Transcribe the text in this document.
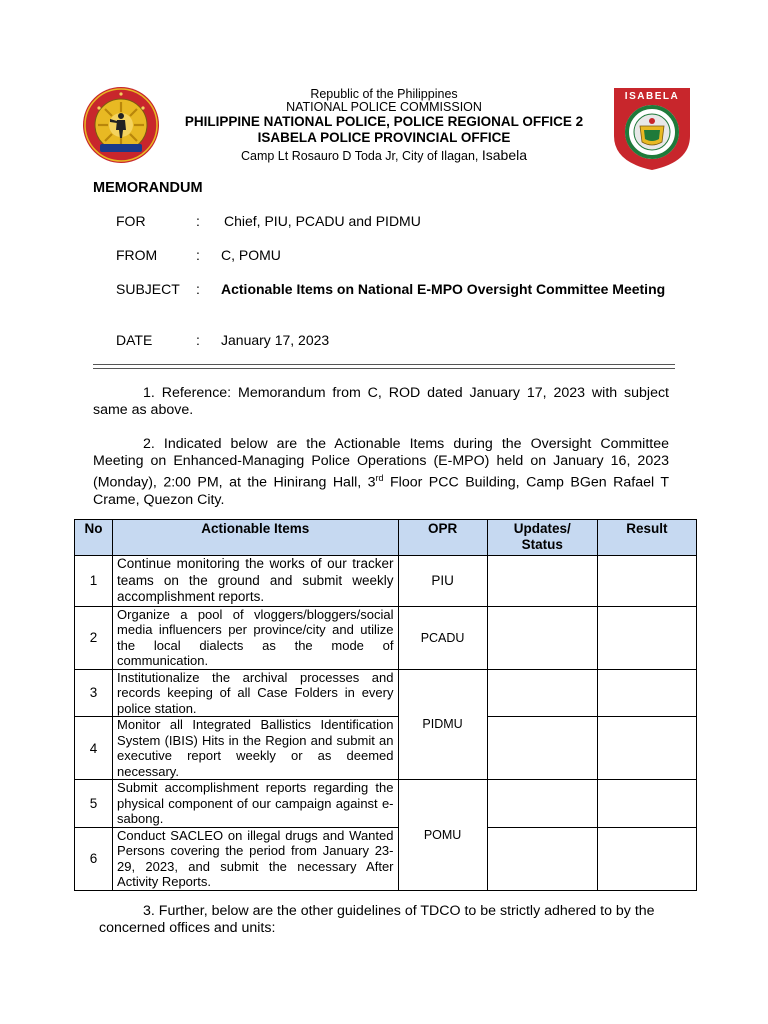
ISABELA
Republic of the Philippines
NATIONAL POLICE COMMISSION
PHILIPPINE NATIONAL POLICE, POLICE REGIONAL OFFICE 2
ISABELA POLICE PROVINCIAL OFFICE
Camp Lt Rosauro D Toda Jr, City of Ilagan, Isabela
MEMORANDUM
FOR	: Chief, PIU, PCADU and PIDMU
FROM	: C, POMU
SUBJECT : Actionable Items on National E-MPO Oversight Committee Meeting
DATE	: January 17, 2023
1. Reference: Memorandum from C, ROD dated January 17, 2023 with subject same as above.
2. Indicated below are the Actionable Items during the Oversight Committee Meeting on Enhanced-Managing Police Operations (E-MPO) held on January 16, 2023 (Monday), 2:00 PM, at the Hinirang Hall, 3rd Floor PCC Building, Camp BGen Rafael T Crame, Quezon City.
No	Actionable Items	OPR	Updates/ Status	Result
1	Continue monitoring the works of our tracker teams on the ground and submit weekly accomplishment reports.	PIU		
2	Organize a pool of vloggers/bloggers/social media influencers per province/city and utilize the local dialects as the mode of communication.	PCADU		
3	Institutionalize the archival processes and records keeping of all Case Folders in every police station.	PIDMU		
4	Monitor all Integrated Ballistics Identification System (IBIS) Hits in the Region and submit an executive report weekly or as deemed necessary.			
5	Submit accomplishment reports regarding the physical component of our campaign against e-sabong.	POMU		
6	Conduct SACLEO on illegal drugs and Wanted Persons covering the period from January 23-29, 2023, and submit the necessary After Activity Reports.			
3. Further, below are the other guidelines of TDCO to be strictly adhered to by the concerned offices and units:
